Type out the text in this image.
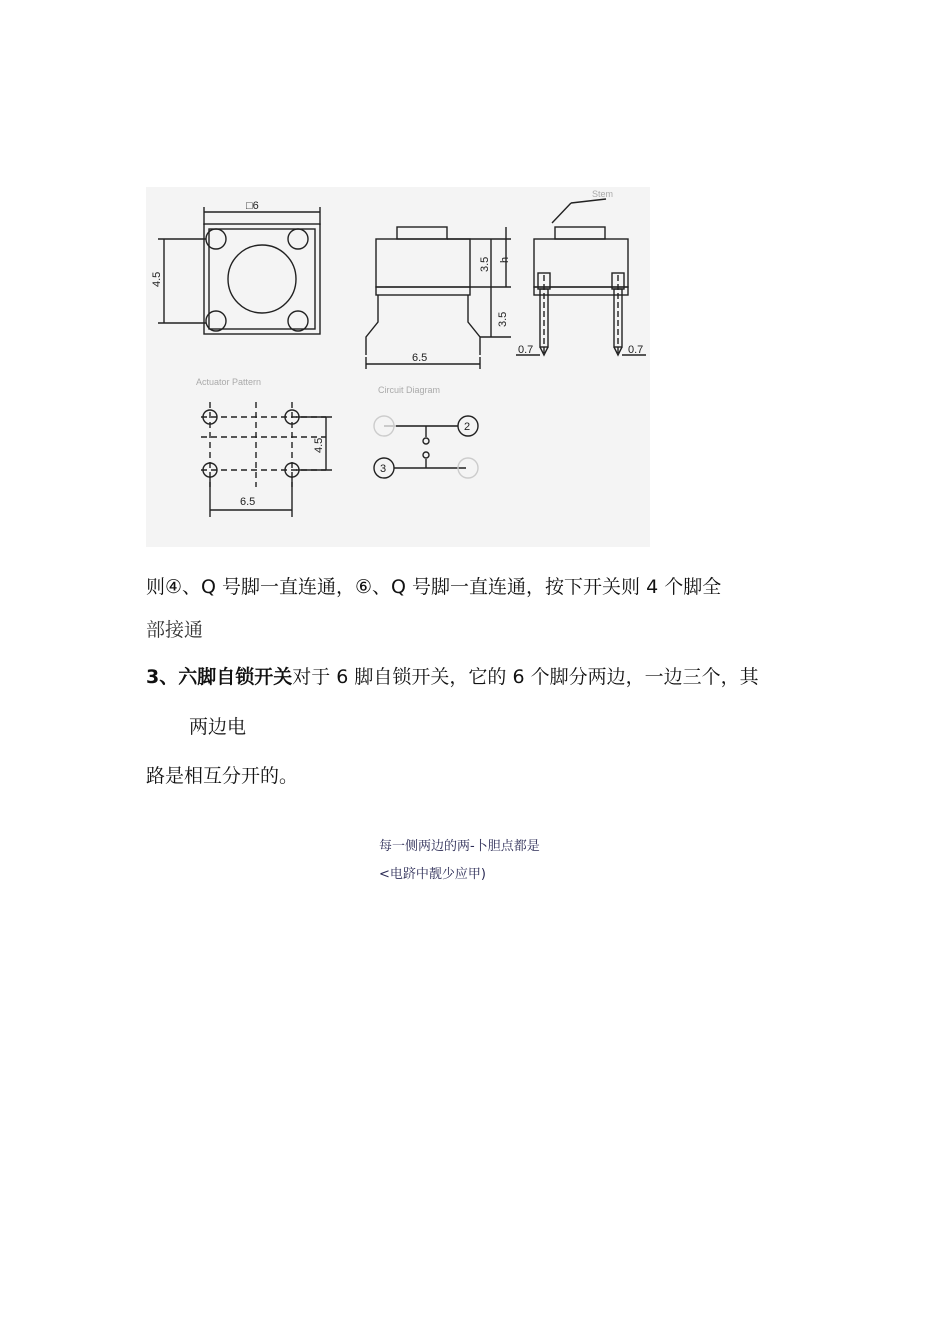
□6
4.5
Actuator Pattern
3.5 h
3.5
6.5
Circuit Diagram
Stem
0.7	0.7
4.5
6.5
2
3
则④、Q 号脚一直连通，⑥、Q 号脚一直连通，按下开关则 4 个脚全
部接通
3、六脚自锁开关对于 6 脚自锁开关，它的 6 个脚分两边，一边三个，其
两边电
路是相互分开的。
每一侧两边的两-卜胆点都是
<电跻中靓少应甲)
